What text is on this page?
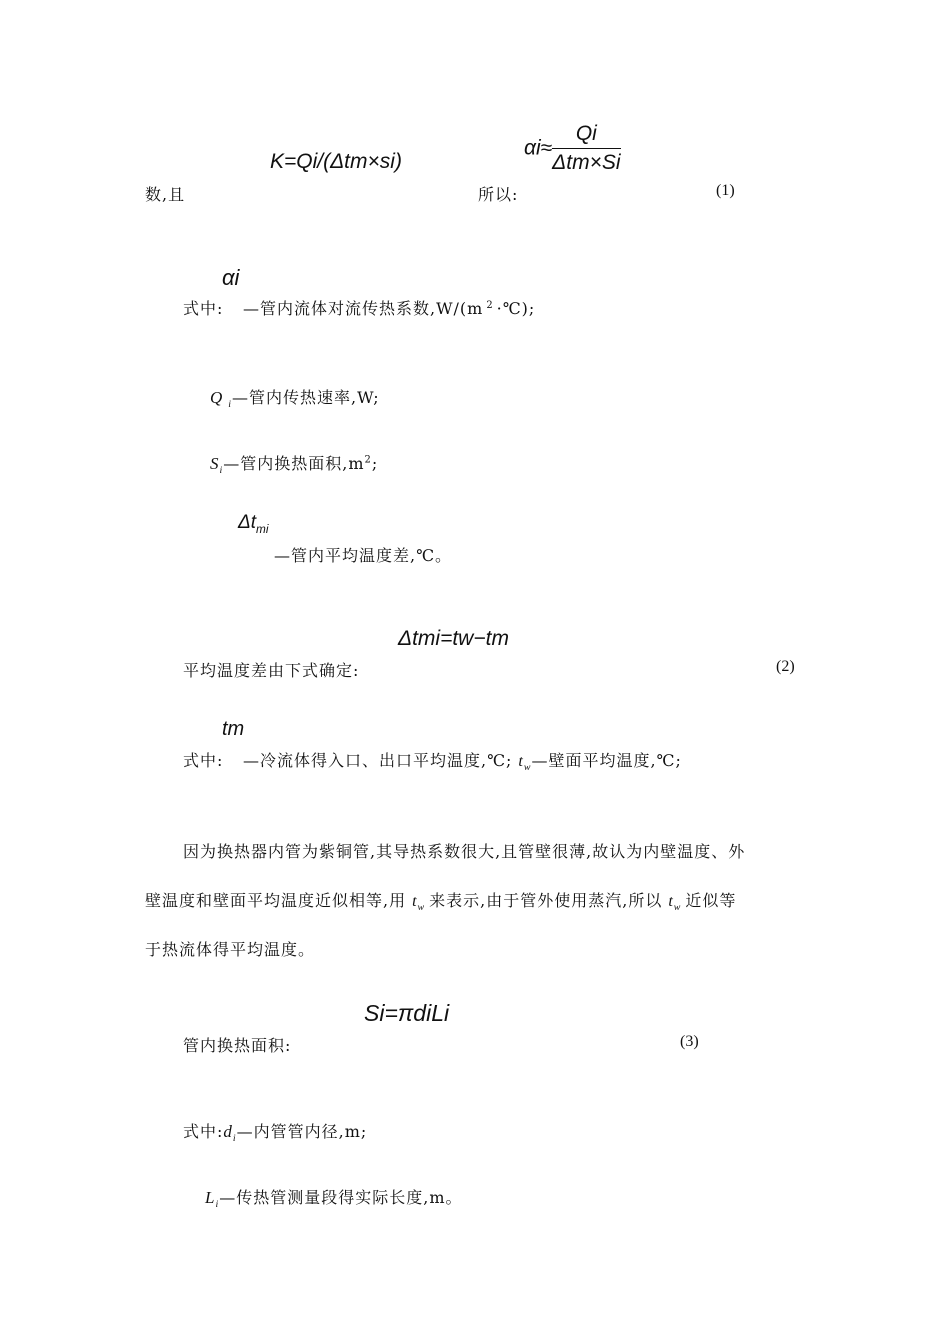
数,且
K=Qi/(Δtm×si)
所以:
$\alpha i\approx \frac{Qi}{\text{Δtm×Si}}$
(1)
αi
式中: —管内流体对流传热系数,W/(m $^2$ ·℃);
Q $_i$—管内传热速率,W;
$S_i—$管内换热面积$,m^2$;
$\Delta t_{mi}$
—管内平均温度差,℃。
Δtmi=tw−tm
平均温度差由下式确定:	(2)
tm
式中: —冷流体得入口、出口平均温度,℃; $t_w—$壁面平均温度,℃;
因为换热器内管为紫铜管,其导热系数很大,且管壁很薄,故认为内壁温度、外
壁温度和壁面平均温度近似相等,用 $t_w$ 来表示,由于管外使用蒸汽,所以 $t_w$ 近似等
于热流体得平均温度。
Si=πdiLi
管内换热面积:	(3)
式中$:d_i—$内管管内径,m;
$L_i—$传热管测量段得实际长度,m。
